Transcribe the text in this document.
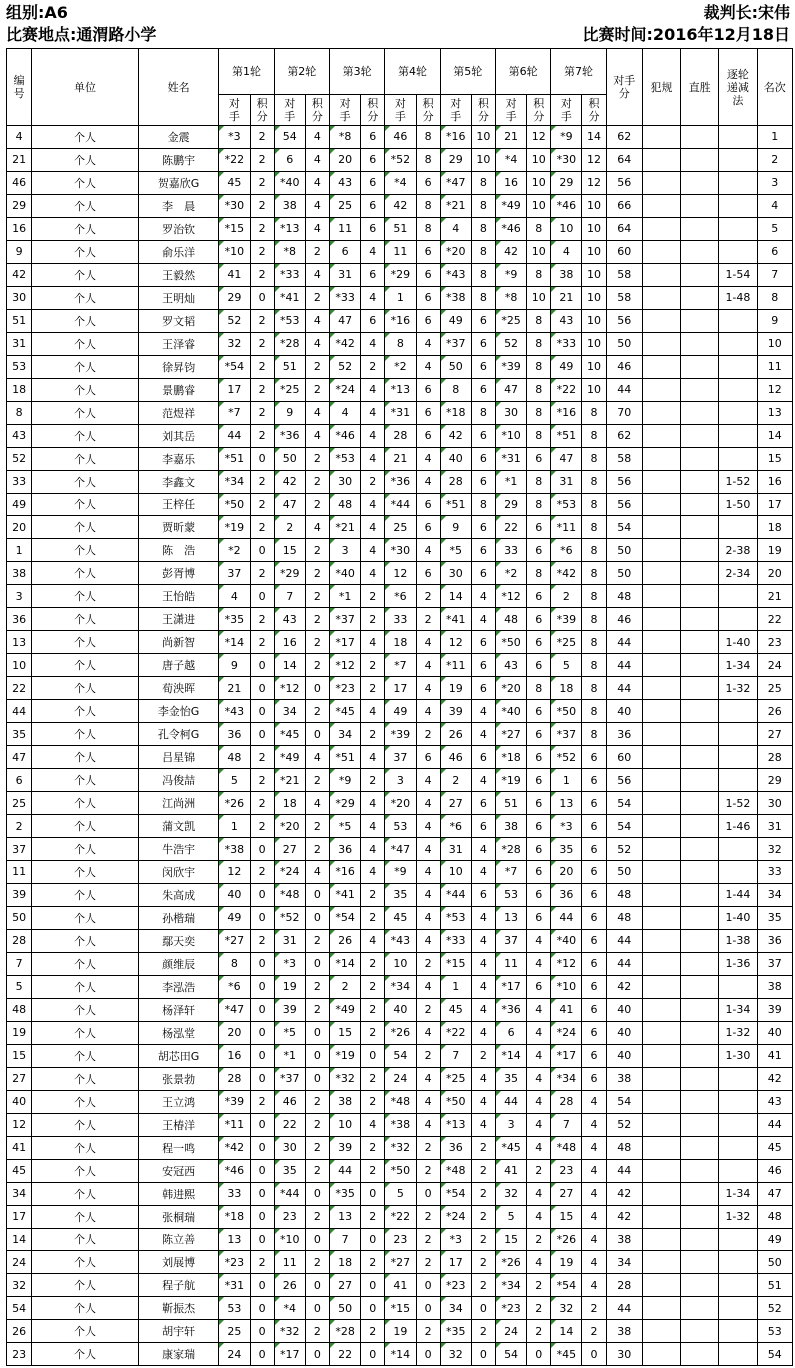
组别:A6	裁判长:宋伟
比赛地点:通渭路小学	比赛时间:2016年12月18日
编号	单位	姓名	第1轮		第2轮		第3轮		第4轮		第5轮		第6轮		第7轮		对手分	犯规	直胜	逐轮递减法	名次
			对手	积分	对手	积分	对手	积分	对手	积分	对手	积分	对手	积分	对手	积分					
4	个人	金震	*3	2	54	4	*8	6	46	8	*16	10	21	12	*9	14	62				1
21	个人	陈鹏宇	*22	2	6	4	20	6	*52	8	29	10	*4	10	*30	12	64				2
46	个人	贺嘉欣G	45	2	*40	4	43	6	*4	6	*47	8	16	10	29	12	56				3
29	个人	李　晨	*30	2	38	4	25	6	42	8	*21	8	*49	10	*46	10	66				4
16	个人	罗治钦	*15	2	*13	4	11	6	51	8	4	8	*46	8	10	10	64				5
9	个人	俞乐洋	*10	2	*8	2	6	4	11	6	*20	8	42	10	4	10	60				6
42	个人	王毅然	41	2	*33	4	31	6	*29	6	*43	8	*9	8	38	10	58			1-54	7
30	个人	王明灿	29	0	*41	2	*33	4	1	6	*38	8	*8	10	21	10	58			1-48	8
51	个人	罗文韬	52	2	*53	4	47	6	*16	6	49	6	*25	8	43	10	56				9
31	个人	王泽睿	32	2	*28	4	*42	4	8	4	*37	6	52	8	*33	10	50				10
53	个人	徐昇钧	*54	2	51	2	52	2	*2	4	50	6	*39	8	49	10	46				11
18	个人	景鹏睿	17	2	*25	2	*24	4	*13	6	8	6	47	8	*22	10	44				12
8	个人	范煜祥	*7	2	9	4	4	4	*31	6	*18	8	30	8	*16	8	70				13
43	个人	刘其岳	44	2	*36	4	*46	4	28	6	42	6	*10	8	*51	8	62				14
52	个人	李嘉乐	*51	0	50	2	*53	4	21	4	40	6	*31	6	47	8	58				15
33	个人	李鑫文	*34	2	42	2	30	2	*36	4	28	6	*1	8	31	8	56			1-52	16
49	个人	王梓任	*50	2	47	2	48	4	*44	6	*51	8	29	8	*53	8	56			1-50	17
20	个人	贾昕蒙	*19	2	2	4	*21	4	25	6	9	6	22	6	*11	8	54				18
1	个人	陈　浩	*2	0	15	2	3	4	*30	4	*5	6	33	6	*6	8	50			2-38	19
38	个人	彭胥博	37	2	*29	2	*40	4	12	6	30	6	*2	8	*42	8	50			2-34	20
3	个人	王怡皓	4	0	7	2	*1	2	*6	2	14	4	*12	6	2	8	48				21
36	个人	王潇进	*35	2	43	2	*37	2	33	2	*41	4	48	6	*39	8	46				22
13	个人	尚新智	*14	2	16	2	*17	4	18	4	12	6	*50	6	*25	8	44			1-40	23
10	个人	唐子越	9	0	14	2	*12	2	*7	4	*11	6	43	6	5	8	44			1-34	24
22	个人	荀泱晖	21	0	*12	0	*23	2	17	4	19	6	*20	8	18	8	44			1-32	25
44	个人	李金怡G	*43	0	34	2	*45	4	49	4	39	4	*40	6	*50	8	40				26
35	个人	孔令柯G	36	0	*45	0	34	2	*39	2	26	4	*27	6	*37	8	36				27
47	个人	吕星锦	48	2	*49	4	*51	4	37	6	46	6	*18	6	*52	6	60				28
6	个人	冯俊喆	5	2	*21	2	*9	2	3	4	2	4	*19	6	1	6	56				29
25	个人	江尚洲	*26	2	18	4	*29	4	*20	4	27	6	51	6	13	6	54			1-52	30
2	个人	蒲文凯	1	2	*20	2	*5	4	53	4	*6	6	38	6	*3	6	54			1-46	31
37	个人	牛浩宇	*38	0	27	2	36	4	*47	4	31	4	*28	6	35	6	52				32
11	个人	闵欣宇	12	2	*24	4	*16	4	*9	4	10	4	*7	6	20	6	50				33
39	个人	朱高成	40	0	*48	0	*41	2	35	4	*44	6	53	6	36	6	48			1-44	34
50	个人	孙楷瑞	49	0	*52	0	*54	2	45	4	*53	4	13	6	44	6	48			1-40	35
28	个人	鄢天奕	*27	2	31	2	26	4	*43	4	*33	4	37	4	*40	6	44			1-38	36
7	个人	颜维辰	8	0	*3	0	*14	2	10	2	*15	4	11	4	*12	6	44			1-36	37
5	个人	李泓浩	*6	0	19	2	2	2	*34	4	1	4	*17	6	*10	6	42				38
48	个人	杨泽轩	*47	0	39	2	*49	2	40	2	45	4	*36	4	41	6	40			1-34	39
19	个人	杨泓堂	20	0	*5	0	15	2	*26	4	*22	4	6	4	*24	6	40			1-32	40
15	个人	胡芯田G	16	0	*1	0	*19	0	54	2	7	2	*14	4	*17	6	40			1-30	41
27	个人	张景勃	28	0	*37	0	*32	2	24	4	*25	4	35	4	*34	6	38				42
40	个人	王立鸿	*39	2	46	2	38	2	*48	4	*50	4	44	4	28	4	54				43
12	个人	王椿洋	*11	0	22	2	10	4	*38	4	*13	4	3	4	7	4	52				44
41	个人	程一鸣	*42	0	30	2	39	2	*32	2	36	2	*45	4	*48	4	48				45
45	个人	安冠西	*46	0	35	2	44	2	*50	2	*48	2	41	2	23	4	44				46
34	个人	韩进熙	33	0	*44	0	*35	0	5	0	*54	2	32	4	27	4	42			1-34	47
17	个人	张桐瑞	*18	0	23	2	13	2	*22	2	*24	2	5	4	15	4	42			1-32	48
14	个人	陈立善	13	0	*10	0	7	0	23	2	*3	2	15	2	*26	4	38				49
24	个人	刘展博	*23	2	11	2	18	2	*27	2	17	2	*26	4	19	4	34				50
32	个人	程子航	*31	0	26	0	27	0	41	0	*23	2	*34	2	*54	4	28				51
54	个人	靳振杰	53	0	*4	0	50	0	*15	0	34	0	*23	2	32	2	44				52
26	个人	胡宇轩	25	0	*32	2	*28	2	19	2	*35	2	24	2	14	2	38				53
23	个人	康家瑞	24	0	*17	0	22	0	*14	0	32	0	54	0	*45	0	30				54
